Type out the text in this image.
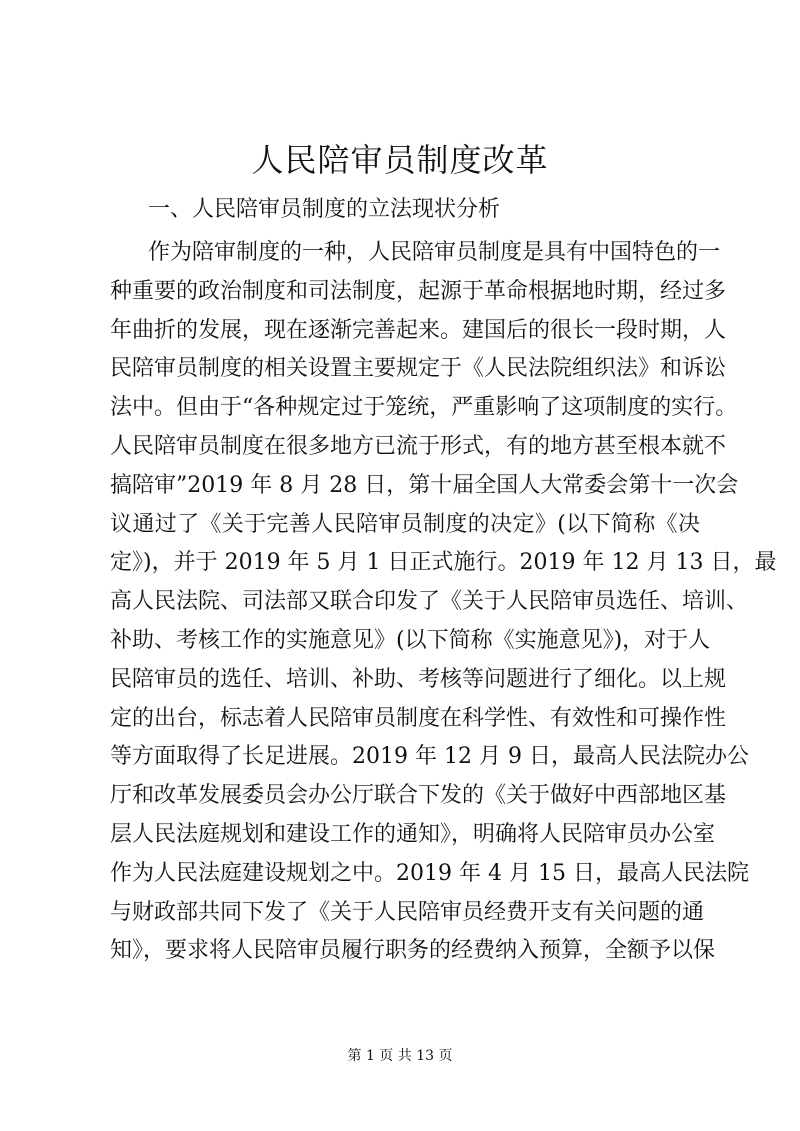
人民陪审员制度改革
一、人民陪审员制度的立法现状分析
作为陪审制度的一种，人民陪审员制度是具有中国特色的一
种重要的政治制度和司法制度，起源于革命根据地时期，经过多
年曲折的发展，现在逐渐完善起来。建国后的很长一段时期，人
民陪审员制度的相关设置主要规定于《人民法院组织法》和诉讼
法中。但由于“各种规定过于笼统，严重影响了这项制度的实行。
人民陪审员制度在很多地方已流于形式，有的地方甚至根本就不
搞陪审”2019 年 8 月 28 日，第十届全国人大常委会第十一次会
议通过了《关于完善人民陪审员制度的决定》(以下简称《决
定》)，并于 2019 年 5 月 1 日正式施行。2019 年 12 月 13 日，最
高人民法院、司法部又联合印发了《关于人民陪审员选任、培训、
补助、考核工作的实施意见》(以下简称《实施意见》)，对于人
民陪审员的选任、培训、补助、考核等问题进行了细化。以上规
定的出台，标志着人民陪审员制度在科学性、有效性和可操作性
等方面取得了长足进展。2019 年 12 月 9 日，最高人民法院办公
厅和改革发展委员会办公厅联合下发的《关于做好中西部地区基
层人民法庭规划和建设工作的通知》，明确将人民陪审员办公室
作为人民法庭建设规划之中。2019 年 4 月 15 日，最高人民法院
与财政部共同下发了《关于人民陪审员经费开支有关问题的通
知》，要求将人民陪审员履行职务的经费纳入预算，全额予以保
第 1 页 共 13 页
